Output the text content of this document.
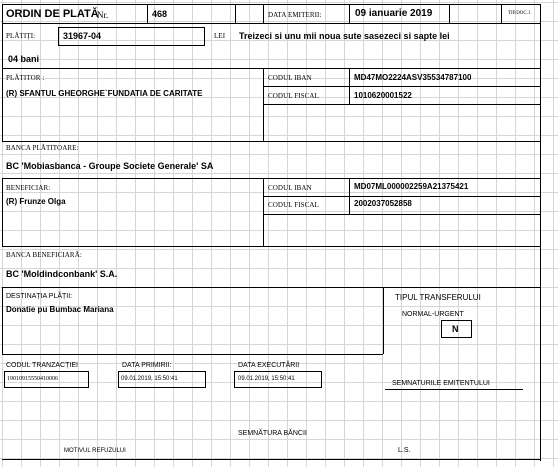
ORDIN DE PLATĂ
Nr.	468	DATA EMITERII:	09 ianuarie 2019	TIP.DOC.1
PLĂTIȚI:	31967-04	LEI Treizeci si unu mii noua sute sasezeci si sapte lei
04 bani
PLĂTITOR :
(R) SFANTUL GHEORGHE`FUNDATIA DE CARITATE
CODUL IBAN	MD47MO2224ASV35534787100
CODUL FISCAL	1010620001522
BANCA PLĂTITOARE:
BC 'Mobiasbanca - Groupe Societe Generale' SA
BENEFICIAR:
(R) Frunze Olga
CODUL IBAN	MD07ML000002259A21375421
CODUL FISCAL	2002037052858
BANCA BENEFICIARĂ:
BC 'Moldindconbank' S.A.
DESTINAȚIA PLĂȚII:
Donatie pu Bumbac Mariana
TIPUL TRANSFERULUI
NORMAL-URGENT
N
CODUL TRANZACȚIEI
19010915550410006
DATA PRIMIRII:
09.01.2019, 15:50:41
DATA EXECUTĂRII
09.01.2019, 15:50:41
SEMNATURILE EMITENTULUI
SEMNĂTURA BĂNCII
MOTIVUL REFUZULUI	L.S.
